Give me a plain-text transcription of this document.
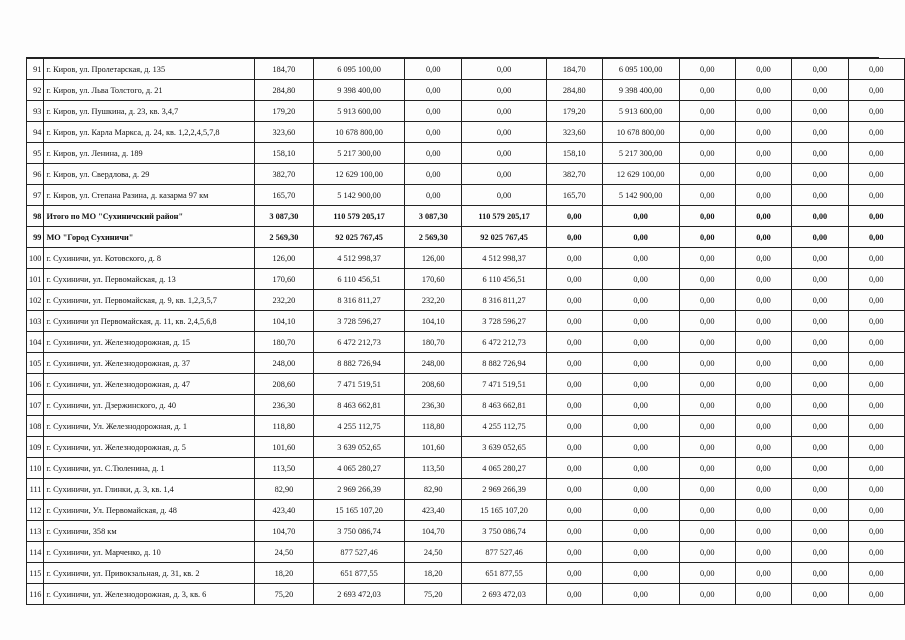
91	г. Киров, ул. Пролетарская, д. 135	184,70	6 095 100,00	0,00	0,00	184,70	6 095 100,00	0,00	0,00	0,00	0,00
92	г. Киров, ул. Льва Толстого, д. 21	284,80	9 398 400,00	0,00	0,00	284,80	9 398 400,00	0,00	0,00	0,00	0,00
93	г. Киров, ул. Пушкина, д. 23, кв. 3,4,7	179,20	5 913 600,00	0,00	0,00	179,20	5 913 600,00	0,00	0,00	0,00	0,00
94	г. Киров, ул. Карла Маркса, д. 24, кв. 1,2,2,4,5,7,8	323,60	10 678 800,00	0,00	0,00	323,60	10 678 800,00	0,00	0,00	0,00	0,00
95	г. Киров, ул. Ленина, д. 189	158,10	5 217 300,00	0,00	0,00	158,10	5 217 300,00	0,00	0,00	0,00	0,00
96	г. Киров, ул. Свердлова, д. 29	382,70	12 629 100,00	0,00	0,00	382,70	12 629 100,00	0,00	0,00	0,00	0,00
97	г. Киров, ул. Степана Разина, д. казарма 97 км	165,70	5 142 900,00	0,00	0,00	165,70	5 142 900,00	0,00	0,00	0,00	0,00
98	Итого по МО "Сухиничский район"	3 087,30	110 579 205,17	3 087,30	110 579 205,17	0,00	0,00	0,00	0,00	0,00	0,00
99	МО "Город Сухиничи"	2 569,30	92 025 767,45	2 569,30	92 025 767,45	0,00	0,00	0,00	0,00	0,00	0,00
100	г. Сухиничи, ул. Котовского, д. 8	126,00	4 512 998,37	126,00	4 512 998,37	0,00	0,00	0,00	0,00	0,00	0,00
101	г. Сухиничи, ул. Первомайская, д. 13	170,60	6 110 456,51	170,60	6 110 456,51	0,00	0,00	0,00	0,00	0,00	0,00
102	г. Сухиничи, ул. Первомайская, д. 9, кв. 1,2,3,5,7	232,20	8 316 811,27	232,20	8 316 811,27	0,00	0,00	0,00	0,00	0,00	0,00
103	г. Сухиничи ул Первомайская, д. 11, кв. 2,4,5,6,8	104,10	3 728 596,27	104,10	3 728 596,27	0,00	0,00	0,00	0,00	0,00	0,00
104	г. Сухиничи, ул. Железнодорожная, д. 15	180,70	6 472 212,73	180,70	6 472 212,73	0,00	0,00	0,00	0,00	0,00	0,00
105	г. Сухиничи, ул. Железнодорожная, д. 37	248,00	8 882 726,94	248,00	8 882 726,94	0,00	0,00	0,00	0,00	0,00	0,00
106	г. Сухиничи, ул. Железнодорожная, д. 47	208,60	7 471 519,51	208,60	7 471 519,51	0,00	0,00	0,00	0,00	0,00	0,00
107	г. Сухиничи, ул. Дзержинского, д. 40	236,30	8 463 662,81	236,30	8 463 662,81	0,00	0,00	0,00	0,00	0,00	0,00
108	г. Сухиничи, Ул. Железнодорожная, д. 1	118,80	4 255 112,75	118,80	4 255 112,75	0,00	0,00	0,00	0,00	0,00	0,00
109	г. Сухиничи, ул. Железнодорожная, д. 5	101,60	3 639 052,65	101,60	3 639 052,65	0,00	0,00	0,00	0,00	0,00	0,00
110	г. Сухиничи, ул. С.Тюленина, д. 1	113,50	4 065 280,27	113,50	4 065 280,27	0,00	0,00	0,00	0,00	0,00	0,00
111	г. Сухиничи, ул. Глинки, д. 3, кв. 1,4	82,90	2 969 266,39	82,90	2 969 266,39	0,00	0,00	0,00	0,00	0,00	0,00
112	г. Сухиничи, Ул. Первомайская, д. 48	423,40	15 165 107,20	423,40	15 165 107,20	0,00	0,00	0,00	0,00	0,00	0,00
113	г. Сухиничи, 358 км	104,70	3 750 086,74	104,70	3 750 086,74	0,00	0,00	0,00	0,00	0,00	0,00
114	г. Сухиничи, ул. Марченко, д. 10	24,50	877 527,46	24,50	877 527,46	0,00	0,00	0,00	0,00	0,00	0,00
115	г. Сухиничи, ул. Привокзальная, д. 31, кв. 2	18,20	651 877,55	18,20	651 877,55	0,00	0,00	0,00	0,00	0,00	0,00
116	г. Сухиничи, ул. Железнодорожная, д. 3, кв. 6	75,20	2 693 472,03	75,20	2 693 472,03	0,00	0,00	0,00	0,00	0,00	0,00
